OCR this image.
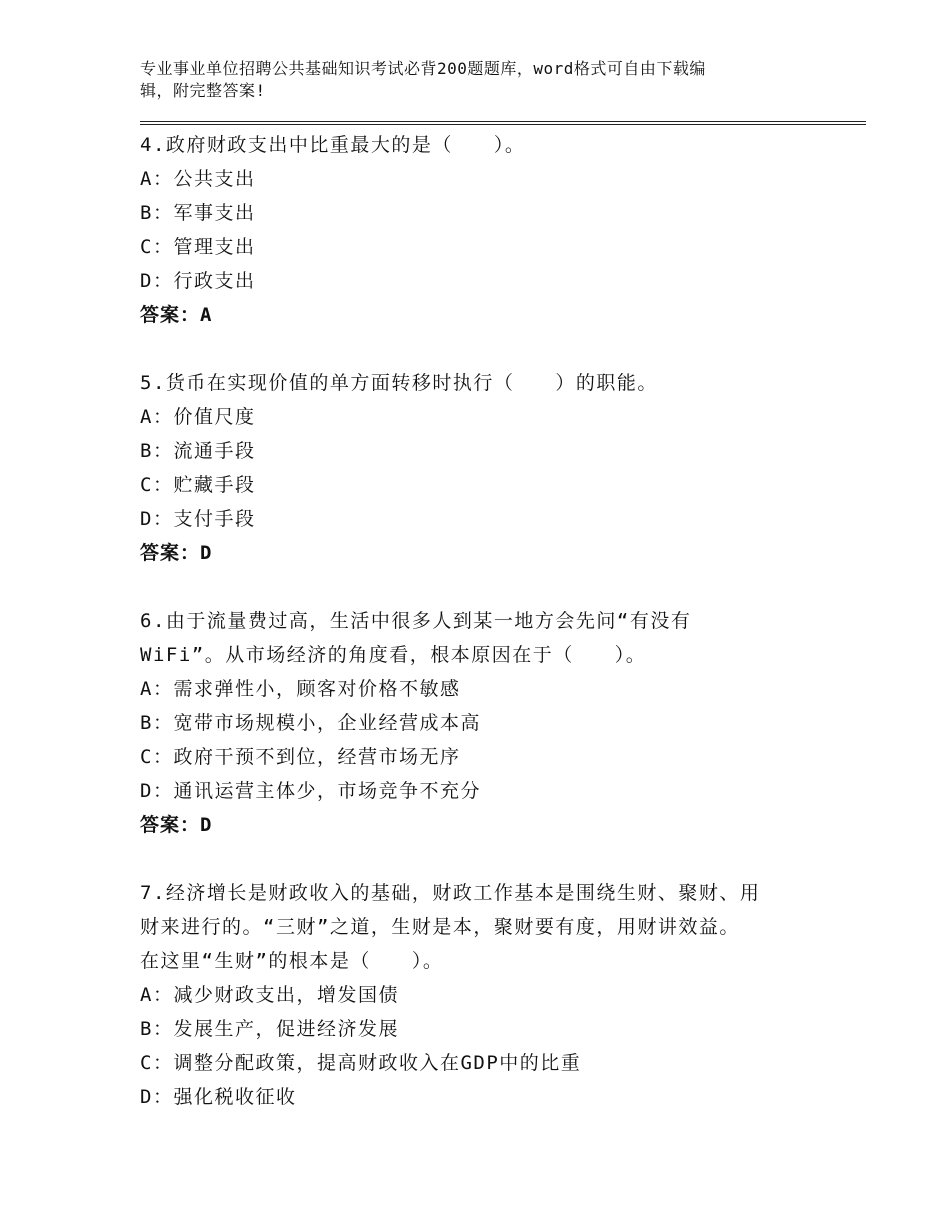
专业事业单位招聘公共基础知识考试必背200题题库，word格式可自由下载编
辑，附完整答案!
4.政府财政支出中比重最大的是（　　）。
A：公共支出
B：军事支出
C：管理支出
D：行政支出
答案：A
5.货币在实现价值的单方面转移时执行（　　）的职能。
A：价值尺度
B：流通手段
C：贮藏手段
D：支付手段
答案：D
6.由于流量费过高，生活中很多人到某一地方会先问“有没有
WiFi”。从市场经济的角度看，根本原因在于（　　）。
A：需求弹性小，顾客对价格不敏感
B：宽带市场规模小，企业经营成本高
C：政府干预不到位，经营市场无序
D：通讯运营主体少，市场竞争不充分
答案：D
7.经济增长是财政收入的基础，财政工作基本是围绕生财、聚财、用
财来进行的。“三财”之道，生财是本，聚财要有度，用财讲效益。
在这里“生财”的根本是（　　）。
A：减少财政支出，增发国债
B：发展生产，促进经济发展
C：调整分配政策，提高财政收入在GDP中的比重
D：强化税收征收
